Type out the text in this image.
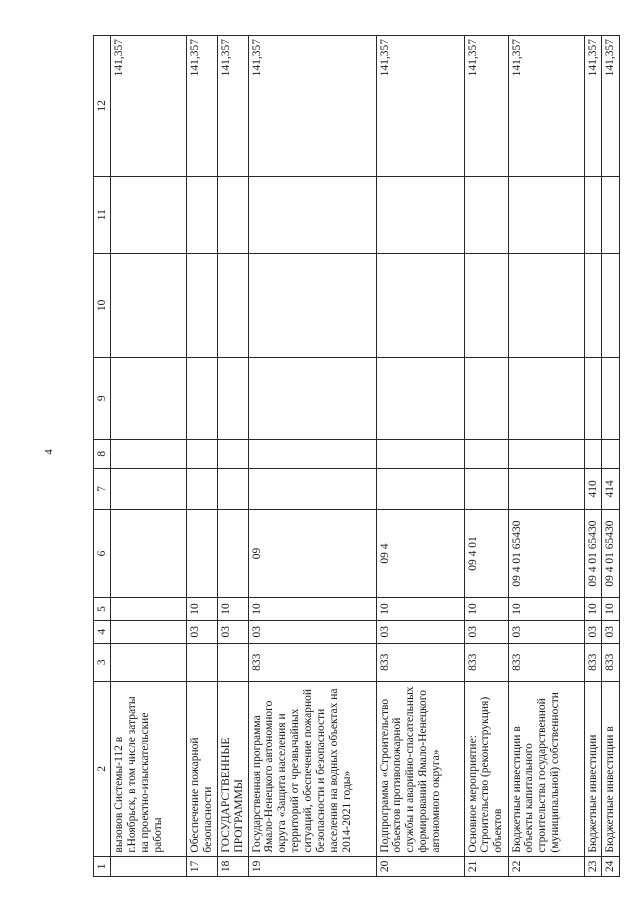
4
1	2	3	4	5	6	7	8	9	10	11	12
	вызовов Системы-112 в г.Ноябрьск, в том числе затраты на проектно-изыскательские работы										141,357
17	Обеспечение пожарной безопасности		03	10							141,357
18	ГОСУДАРСТВЕННЫЕ ПРОГРАММЫ		03	10							141,357
19	Государственная программа Ямало-Ненецкого автономного округа «Защита населения и территорий от чрезвычайных ситуаций, обеспечение пожарной безопасности и безопасности населения на водных объектах на 2014-2021 годы»	833	03	10	09						141,357
20	Подпрограмма «Строительство объектов противопожарной службы и аварийно-спасательных формирований Ямало-Ненецкого автономного округа»	833	03	10	09 4						141,357
21	Основное мероприятие: Строительство (реконструкция) объектов	833	03	10	09 4 01						141,357
22	Бюджетные инвестиции в объекты капитального строительства государственной (муниципальной) собственности	833	03	10	09 4 01 65430						141,357
23	Бюджетные инвестиции	833	03	10	09 4 01 65430	410					141,357
24	Бюджетные инвестиции в	833	03	10	09 4 01 65430	414					141,357
